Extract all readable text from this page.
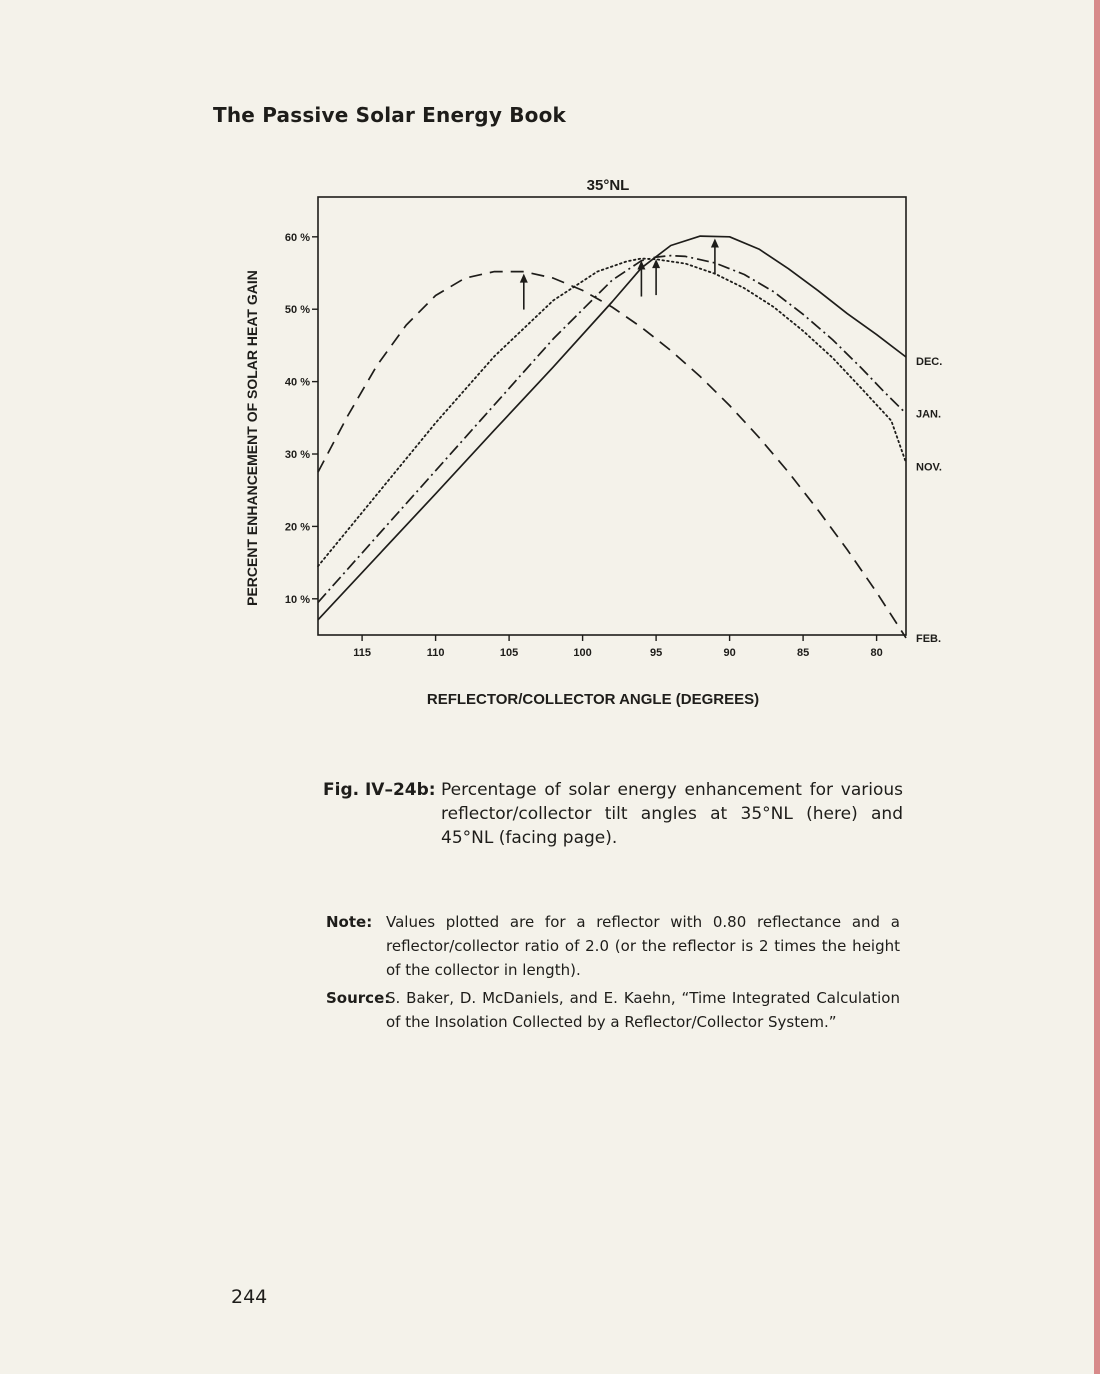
The Passive Solar Energy Book
35°NL
10 %
20 %
30 %
40 %
50 %
60 %
115	110	105	100	95	90	85	80
DEC.
JAN.
NOV.
FEB.
PERCENT ENHANCEMENT OF SOLAR HEAT GAIN
REFLECTOR/COLLECTOR ANGLE (DEGREES)
Fig. IV–24b: Percentage of solar energy enhancement for various reflector/collector tilt angles at 35°NL (here) and 45°NL (facing page).
Note: Values plotted are for a reflector with 0.80 reflectance and a reflector/collector ratio of 2.0 (or the reflector is 2 times the height of the collector in length).
Source:
S. Baker, D. McDaniels, and E. Kaehn, “Time Integrated Calculation of the Insolation Collected by a Reflector/Collector System.”
244
